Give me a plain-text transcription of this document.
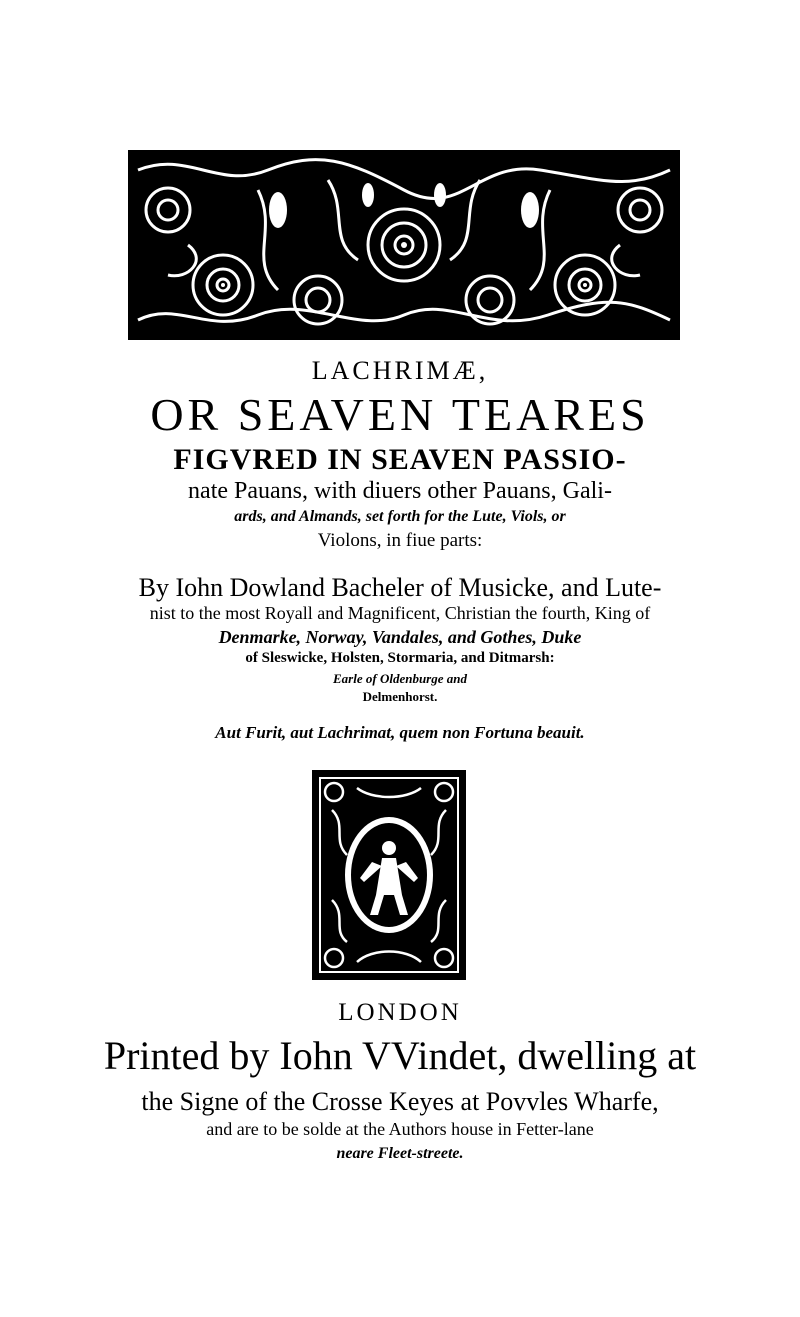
LACHRIMÆ,
OR SEAVEN TEARES
FIGVRED IN SEAVEN PASSIO-
nate Pauans, with diuers other Pauans, Gali-
ards, and Almands, set forth for the Lute, Viols, or
Violons, in fiue parts:
By Iohn Dowland Bacheler of Musicke, and Lute-
nist to the most Royall and Magnificent, Christian the fourth, King of
Denmarke, Norway, Vandales, and Gothes, Duke
of Sleswicke, Holsten, Stormaria, and Ditmarsh:
Earle of Oldenburge and
Delmenhorst.
Aut Furit, aut Lachrimat, quem non Fortuna beauit.
LONDON
Printed by Iohn VVindet, dwelling at
the Signe of the Crosse Keyes at Povvles Wharfe,
and are to be solde at the Authors house in Fetter-lane
neare Fleet-streete.
